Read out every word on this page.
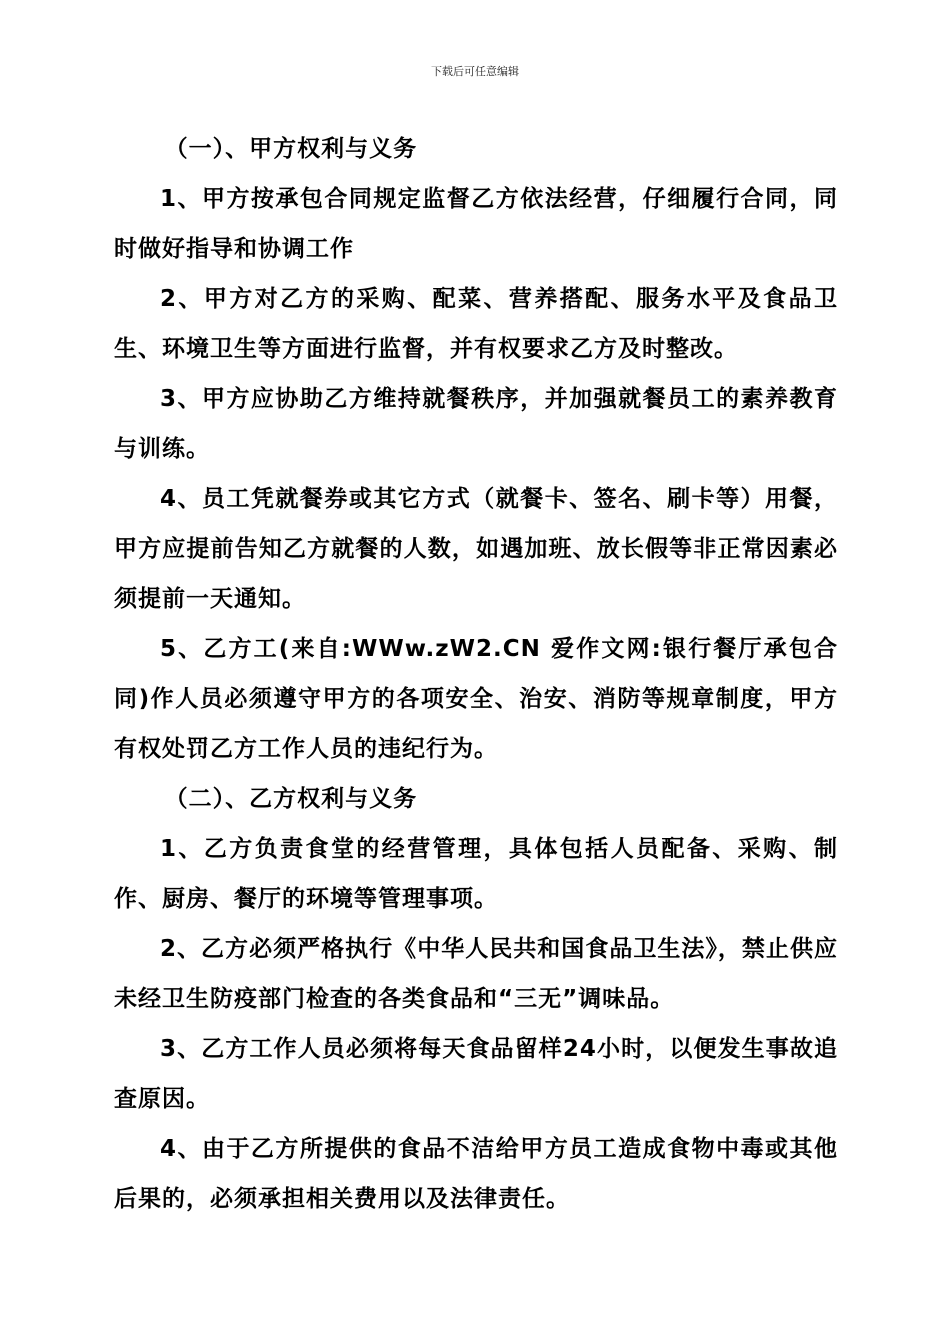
下载后可任意编辑

（一）、甲方权利与义务

1、甲方按承包合同规定监督乙方依法经营，仔细履行合同，同时做好指导和协调工作

2、甲方对乙方的采购、配菜、营养搭配、服务水平及食品卫生、环境卫生等方面进行监督，并有权要求乙方及时整改。

3、甲方应协助乙方维持就餐秩序，并加强就餐员工的素养教育与训练。

4、员工凭就餐券或其它方式（就餐卡、签名、刷卡等）用餐，甲方应提前告知乙方就餐的人数，如遇加班、放长假等非正常因素必须提前一天通知。

5、乙方工(来自:WWw.zW2.CN 爱作文网:银行餐厅承包合同)作人员必须遵守甲方的各项安全、治安、消防等规章制度，甲方有权处罚乙方工作人员的违纪行为。

（二）、乙方权利与义务

1、乙方负责食堂的经营管理，具体包括人员配备、采购、制作、厨房、餐厅的环境等管理事项。

2、乙方必须严格执行《中华人民共和国食品卫生法》，禁止供应未经卫生防疫部门检查的各类食品和“三无”调味品。

3、乙方工作人员必须将每天食品留样24小时，以便发生事故追查原因。

4、由于乙方所提供的食品不洁给甲方员工造成食物中毒或其他后果的，必须承担相关费用以及法律责任。
